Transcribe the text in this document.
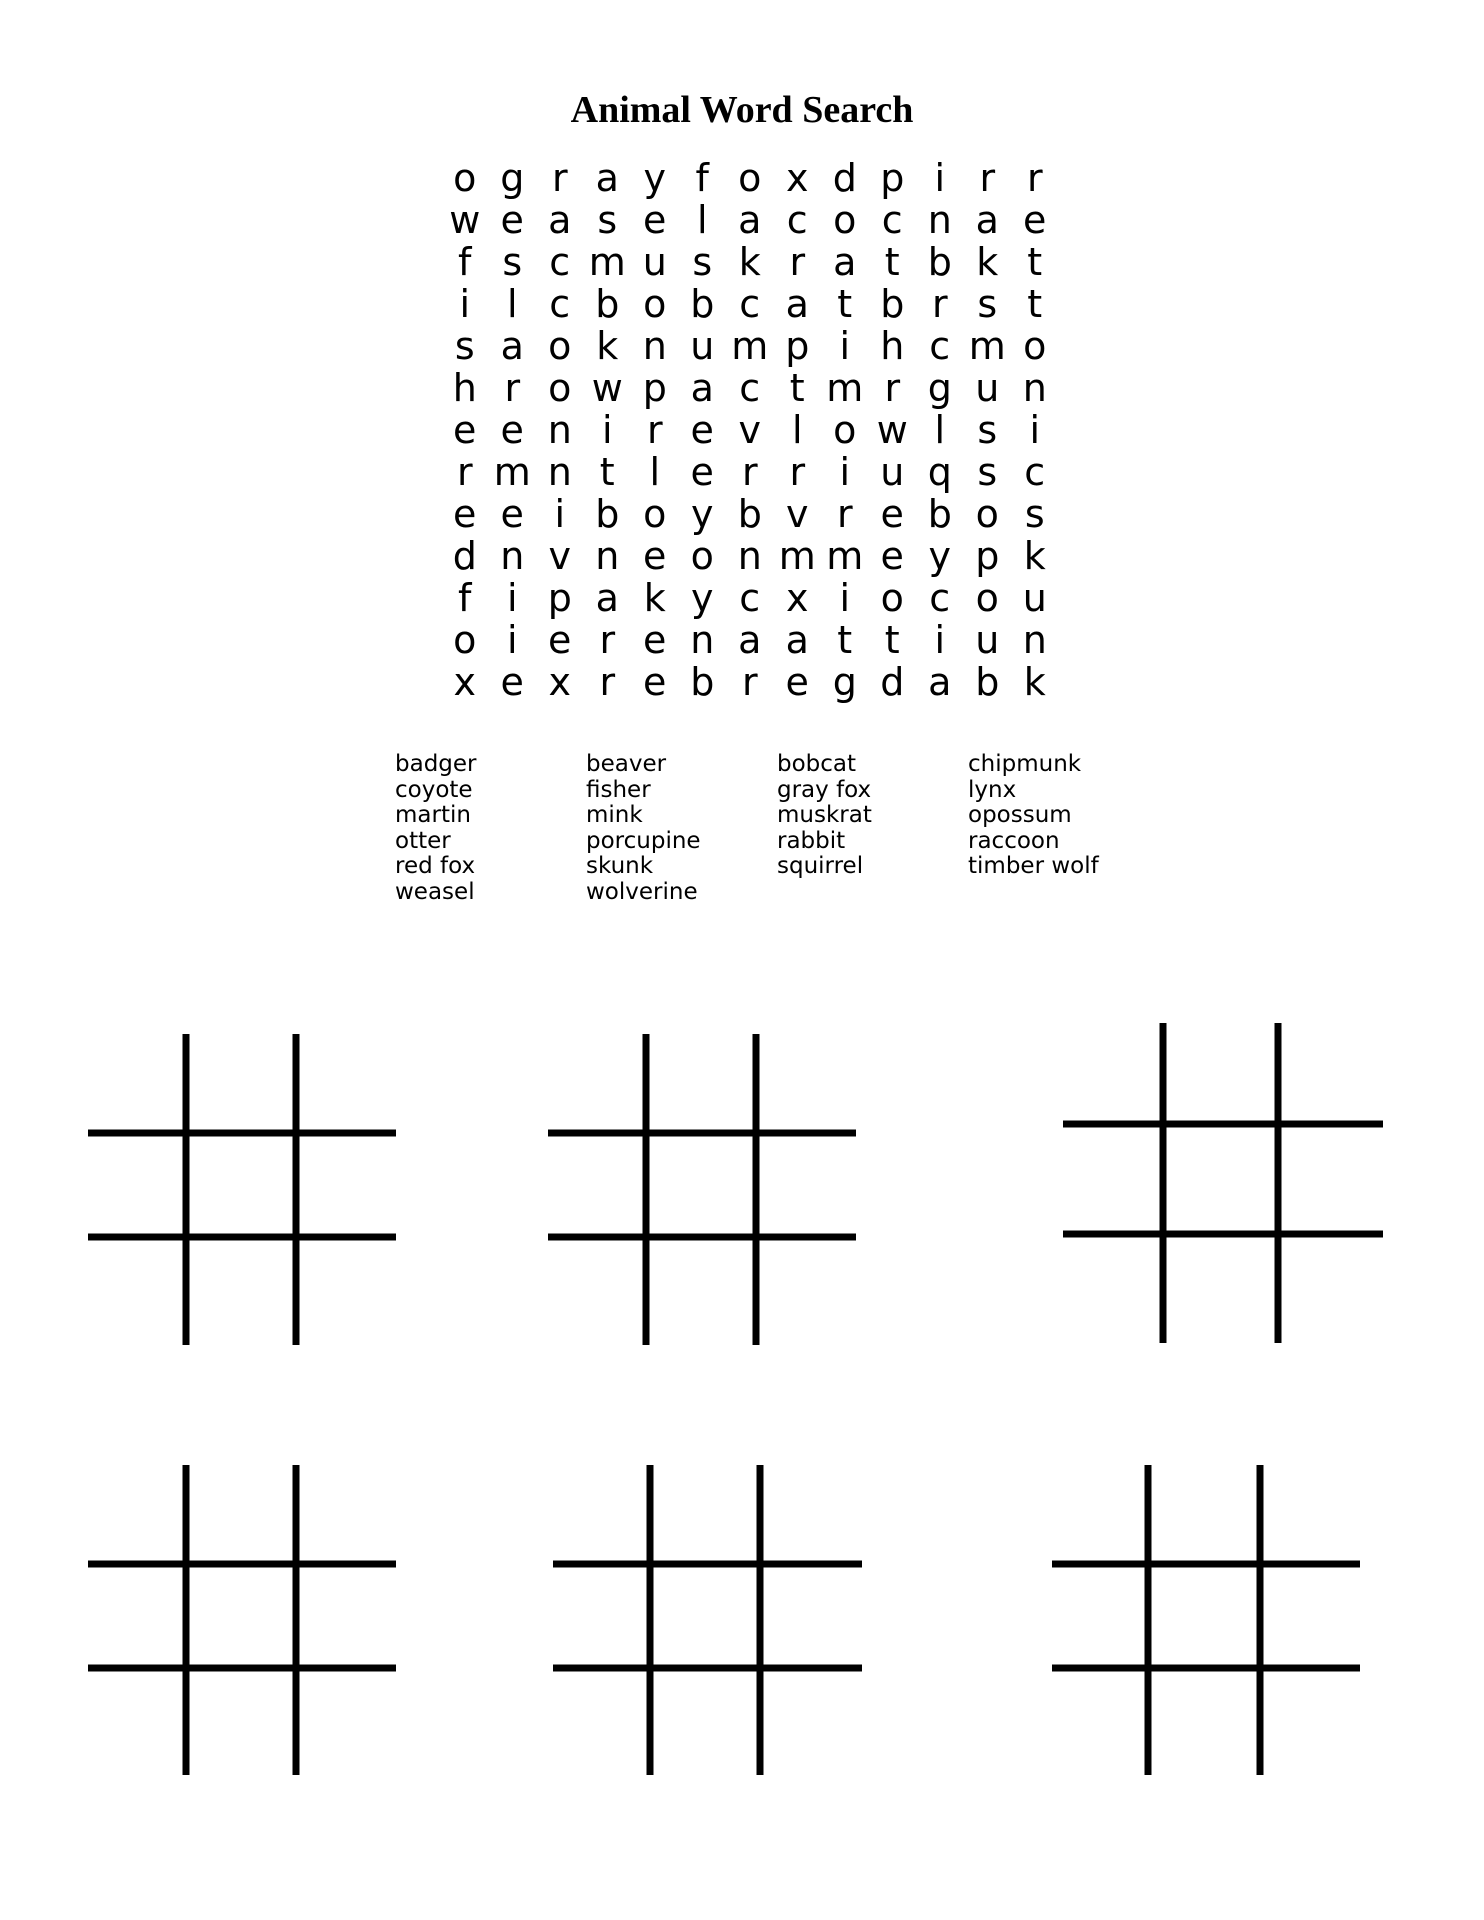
Animal Word Search
o g r a y f o x d p i r r
w e a s e l a c o c n a e
f s c m u s k r a t b k t
i l c b o b c a t b r s t
s a o k n u m p i h c m o
h r o w p a c t m r g u n
e e n i r e v l o w l s i
r m n t l e r r i u q s c
e e i b o y b v r e b o s
d n v n e o n m m e y p k
f i p a k y c x i o c o u
o i e r e n a a t t i u n
x e x r e b r e g d a b k
badger	beaver	bobcat	chipmunk
coyote	fisher	gray fox	lynx
martin	mink	muskrat	opossum
otter	porcupine	rabbit	raccoon
red fox	skunk	squirrel	timber wolf
weasel	wolverine
